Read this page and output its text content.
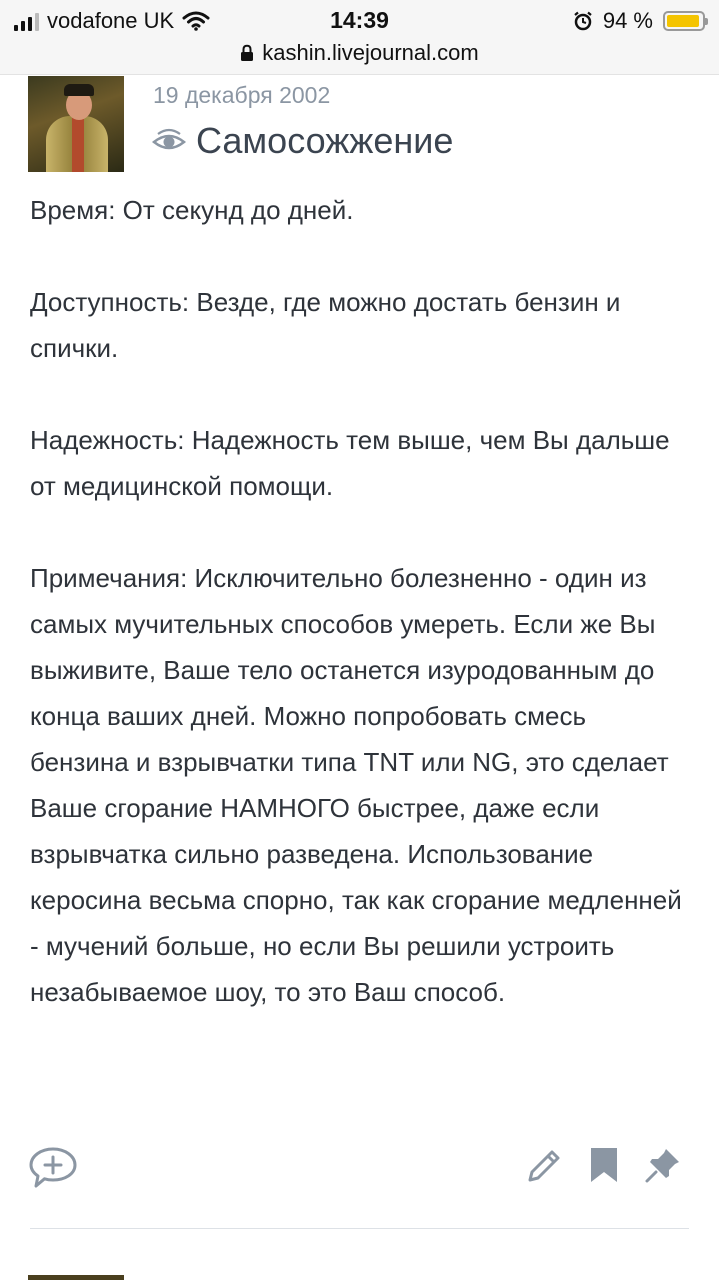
vodafone UK	14:39	94 %
kashin.livejournal.com
19 декабря 2002
Самосожжение

Время: От секунд до дней.

Доступность: Везде, где можно достать бензин и спички.

Надежность: Надежность тем выше, чем Вы дальше от медицинской помощи.

Примечания: Исключительно болезненно - один из самых мучительных способов умереть. Если же Вы выживите, Ваше тело останется изуродованным до конца ваших дней. Можно попробовать смесь бензина и взрывчатки типа TNT или NG, это сделает Ваше сгорание НАМНОГО быстрее, даже если взрывчатка сильно разведена. Использование керосина весьма спорно, так как сгорание медленней - мучений больше, но если Вы решили устроить незабываемое шоу, то это Ваш способ.
